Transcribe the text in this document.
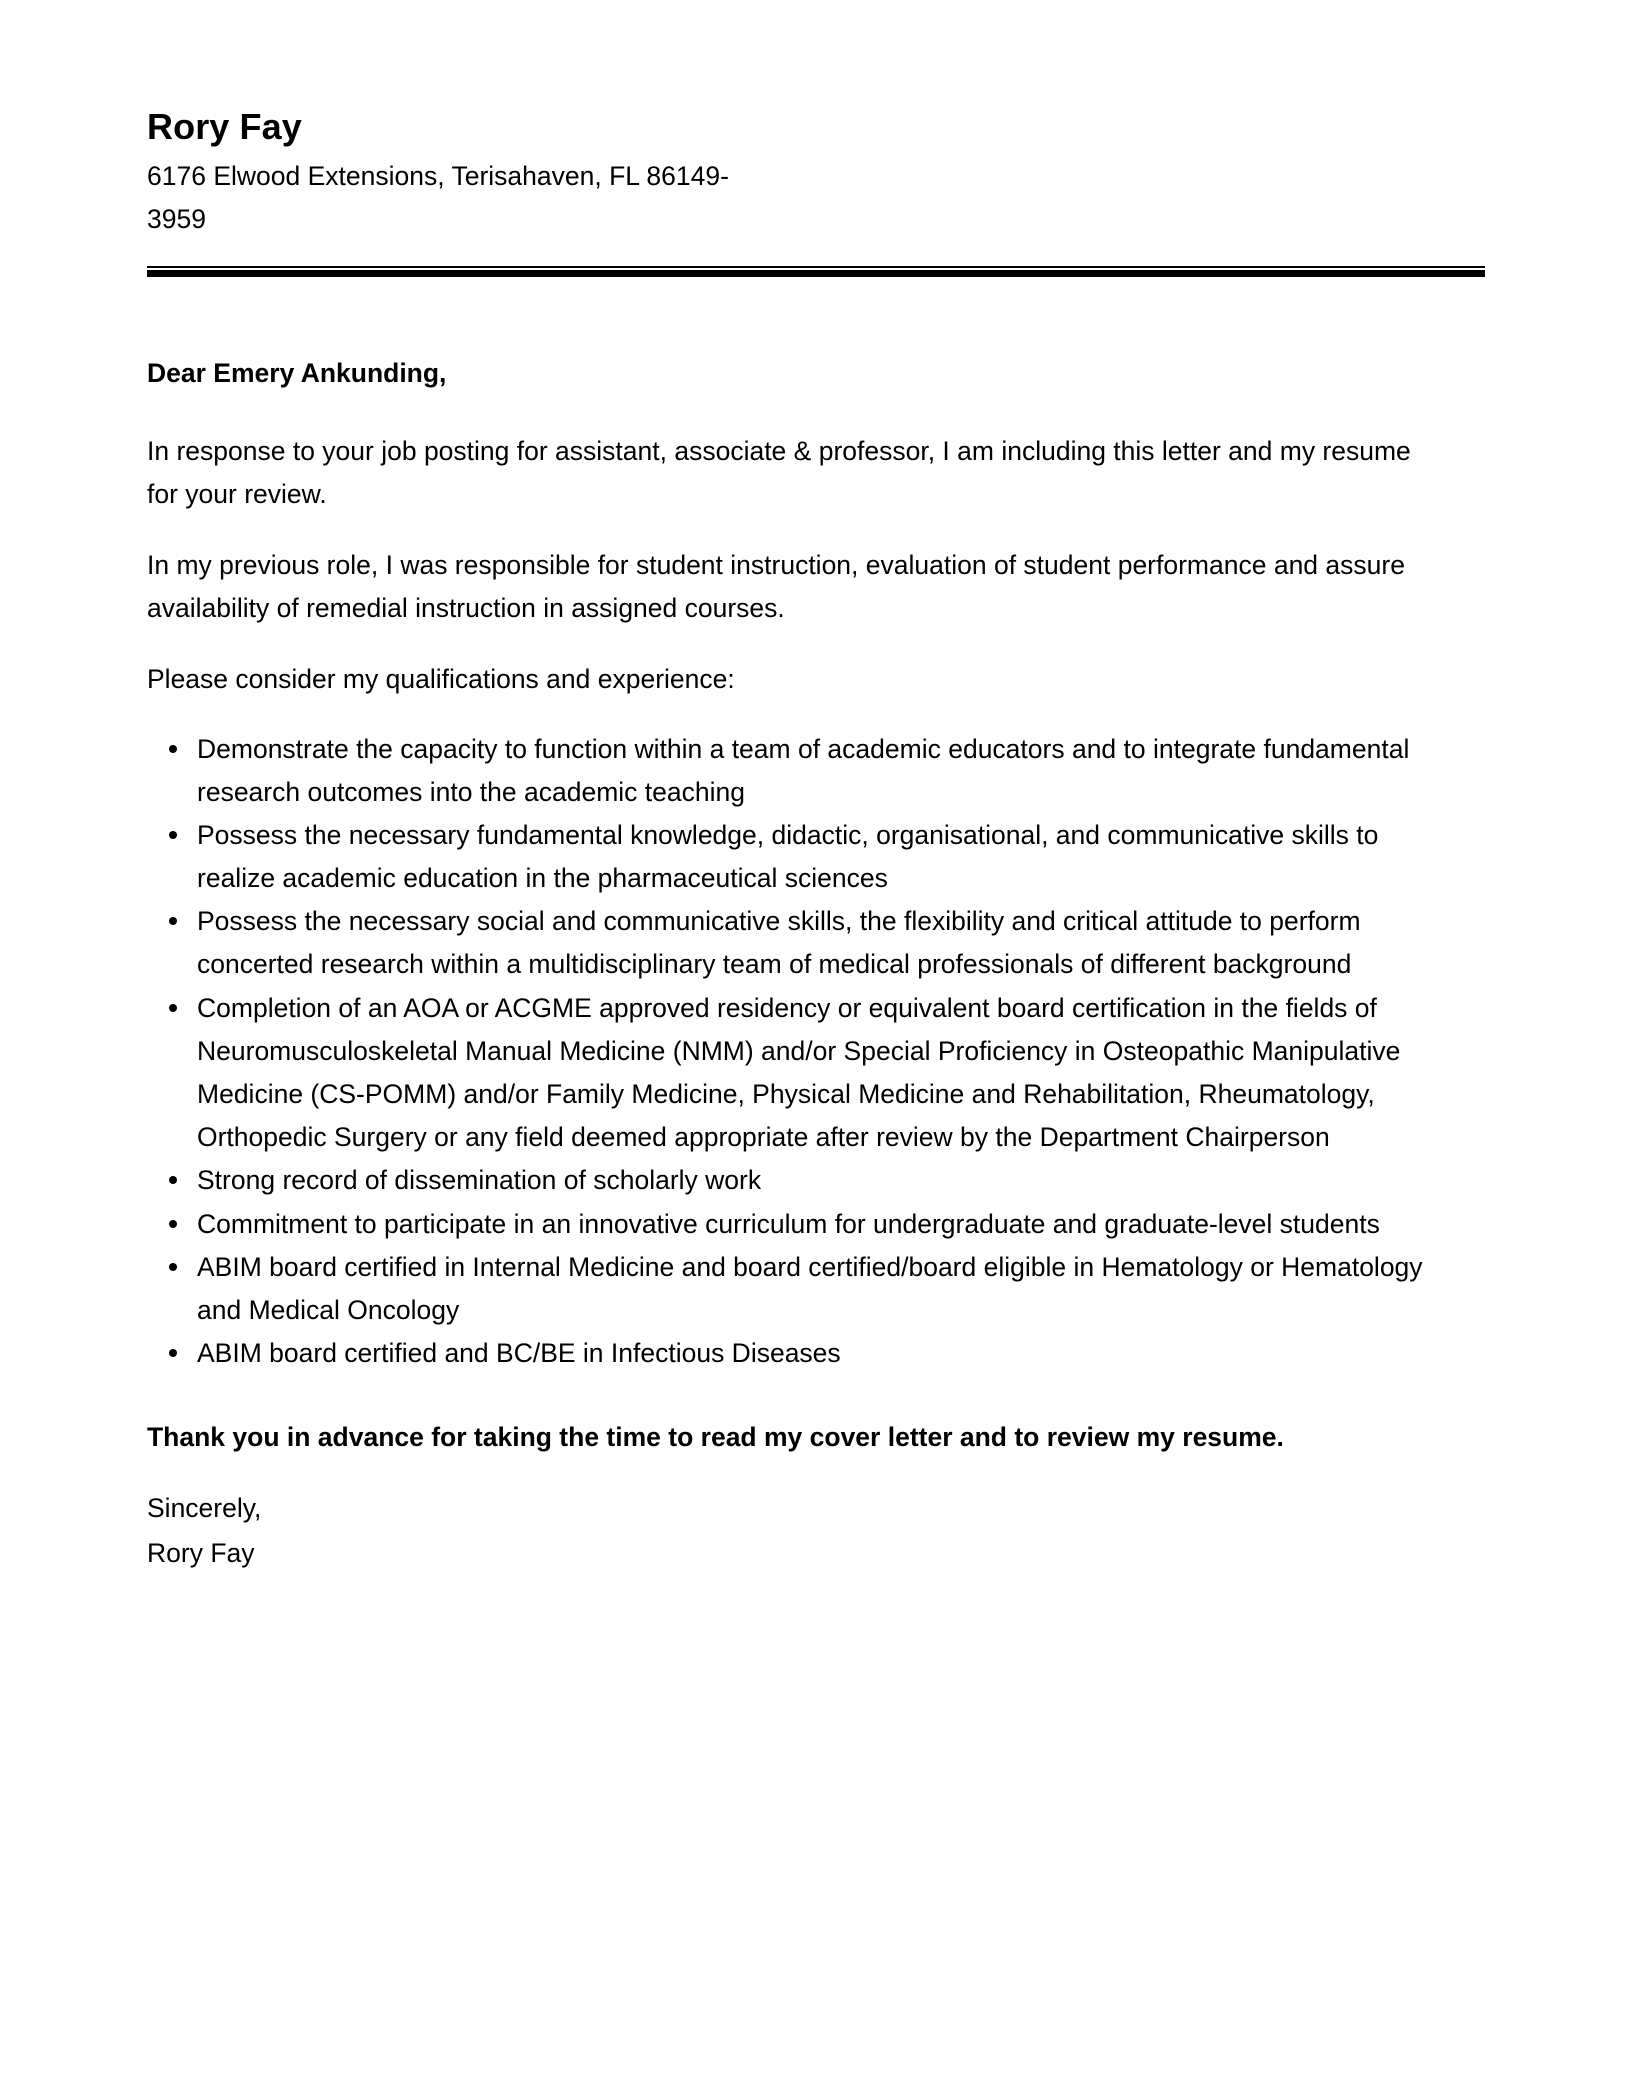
Rory Fay
6176 Elwood Extensions, Terisahaven, FL 86149-3959
Dear Emery Ankunding,

In response to your job posting for assistant, associate & professor, I am including this letter and my resume for your review.

In my previous role, I was responsible for student instruction, evaluation of student performance and assure availability of remedial instruction in assigned courses.

Please consider my qualifications and experience:

Demonstrate the capacity to function within a team of academic educators and to integrate fundamental research outcomes into the academic teaching
Possess the necessary fundamental knowledge, didactic, organisational, and communicative skills to realize academic education in the pharmaceutical sciences
Possess the necessary social and communicative skills, the flexibility and critical attitude to perform concerted research within a multidisciplinary team of medical professionals of different background
Completion of an AOA or ACGME approved residency or equivalent board certification in the fields of Neuromusculoskeletal Manual Medicine (NMM) and/or Special Proficiency in Osteopathic Manipulative Medicine (CS-POMM) and/or Family Medicine, Physical Medicine and Rehabilitation, Rheumatology, Orthopedic Surgery or any field deemed appropriate after review by the Department Chairperson
Strong record of dissemination of scholarly work
Commitment to participate in an innovative curriculum for undergraduate and graduate-level students
ABIM board certified in Internal Medicine and board certified/board eligible in Hematology or Hematology and Medical Oncology
ABIM board certified and BC/BE in Infectious Diseases

Thank you in advance for taking the time to read my cover letter and to review my resume.

Sincerely,
Rory Fay
